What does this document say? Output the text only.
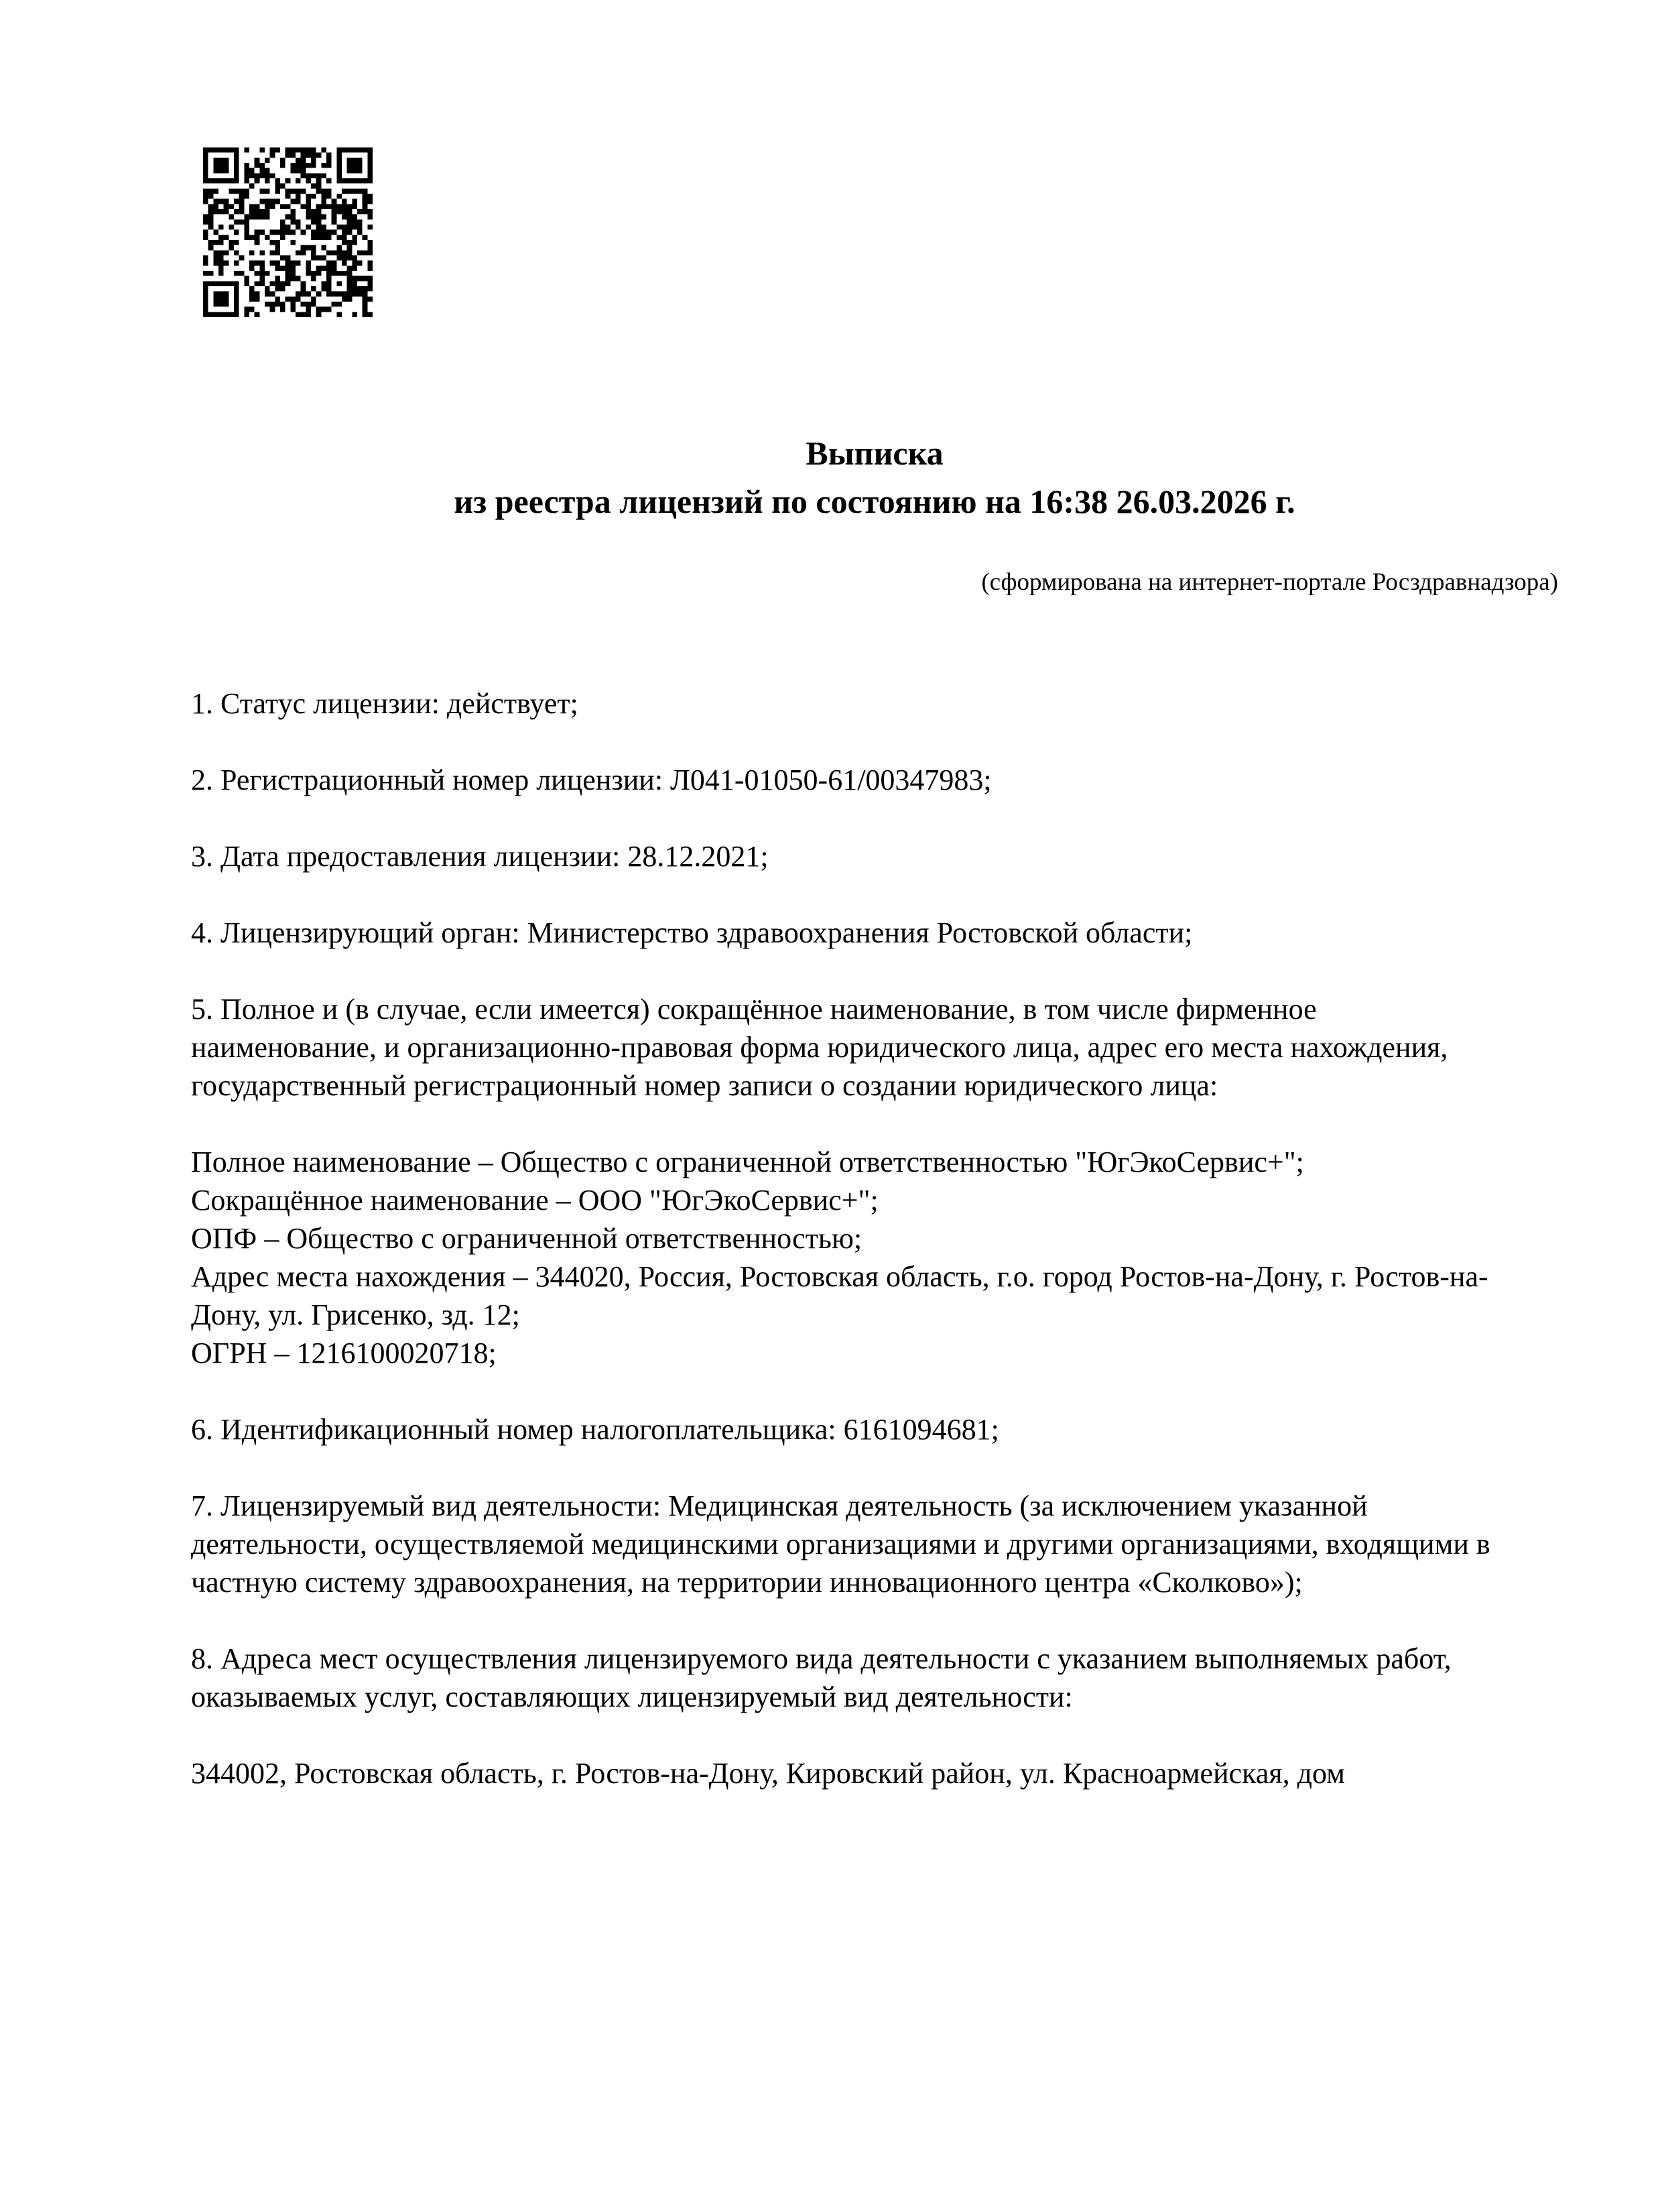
Выписка
из реестра лицензий по состоянию на 16:38 26.03.2026 г.
(сформирована на интернет-портале Росздравнадзора)

1. Статус лицензии: действует;

2. Регистрационный номер лицензии: Л041-01050-61/00347983;

3. Дата предоставления лицензии: 28.12.2021;

4. Лицензирующий орган: Министерство здравоохранения Ростовской области;

5. Полное и (в случае, если имеется) сокращённое наименование, в том числе фирменное наименование, и организационно-правовая форма юридического лица, адрес его места нахождения, государственный регистрационный номер записи о создании юридического лица:

Полное наименование – Общество с ограниченной ответственностью "ЮгЭкоСервис+";
Сокращённое наименование – ООО "ЮгЭкоСервис+";
ОПФ – Общество с ограниченной ответственностью;
Адрес места нахождения – 344020, Россия, Ростовская область, г.о. город Ростов-на-Дону, г. Ростов-на-Дону, ул. Грисенко, зд. 12;
ОГРН – 1216100020718;

6. Идентификационный номер налогоплательщика: 6161094681;

7. Лицензируемый вид деятельности: Медицинская деятельность (за исключением указанной деятельности, осуществляемой медицинскими организациями и другими организациями, входящими в частную систему здравоохранения, на территории инновационного центра «Сколково»);

8. Адреса мест осуществления лицензируемого вида деятельности с указанием выполняемых работ, оказываемых услуг, составляющих лицензируемый вид деятельности:

344002, Ростовская область, г. Ростов-на-Дону, Кировский район, ул. Красноармейская, дом
